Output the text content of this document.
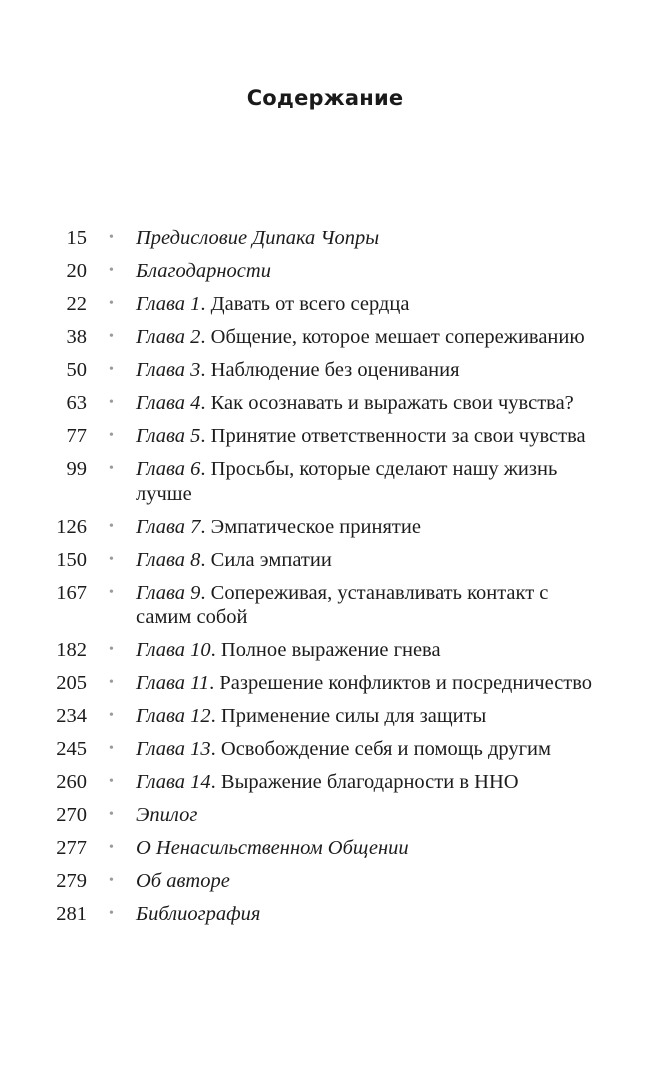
Содержание
15	•	Предисловие Дипака Чопры
20	•	Благодарности
22	•	Глава 1. Давать от всего сердца
38	•	Глава 2. Общение, которое мешает сопереживанию
50	•	Глава 3. Наблюдение без оценивания
63	•	Глава 4. Как осознавать и выражать свои чувства?
77	•	Глава 5. Принятие ответственности за свои чувства
99	•	Глава 6. Просьбы, которые сделают нашу жизнь лучше
126	•	Глава 7. Эмпатическое принятие
150	•	Глава 8. Сила эмпатии
167	•	Глава 9. Сопереживая, устанавливать контакт с самим собой
182	•	Глава 10. Полное выражение гнева
205	•	Глава 11. Разрешение конфликтов и посредничество
234	•	Глава 12. Применение силы для защиты
245	•	Глава 13. Освобождение себя и помощь другим
260	•	Глава 14. Выражение благодарности в ННО
270	•	Эпилог
277	•	О Ненасильственном Общении
279	•	Об авторе
281	•	Библиография
